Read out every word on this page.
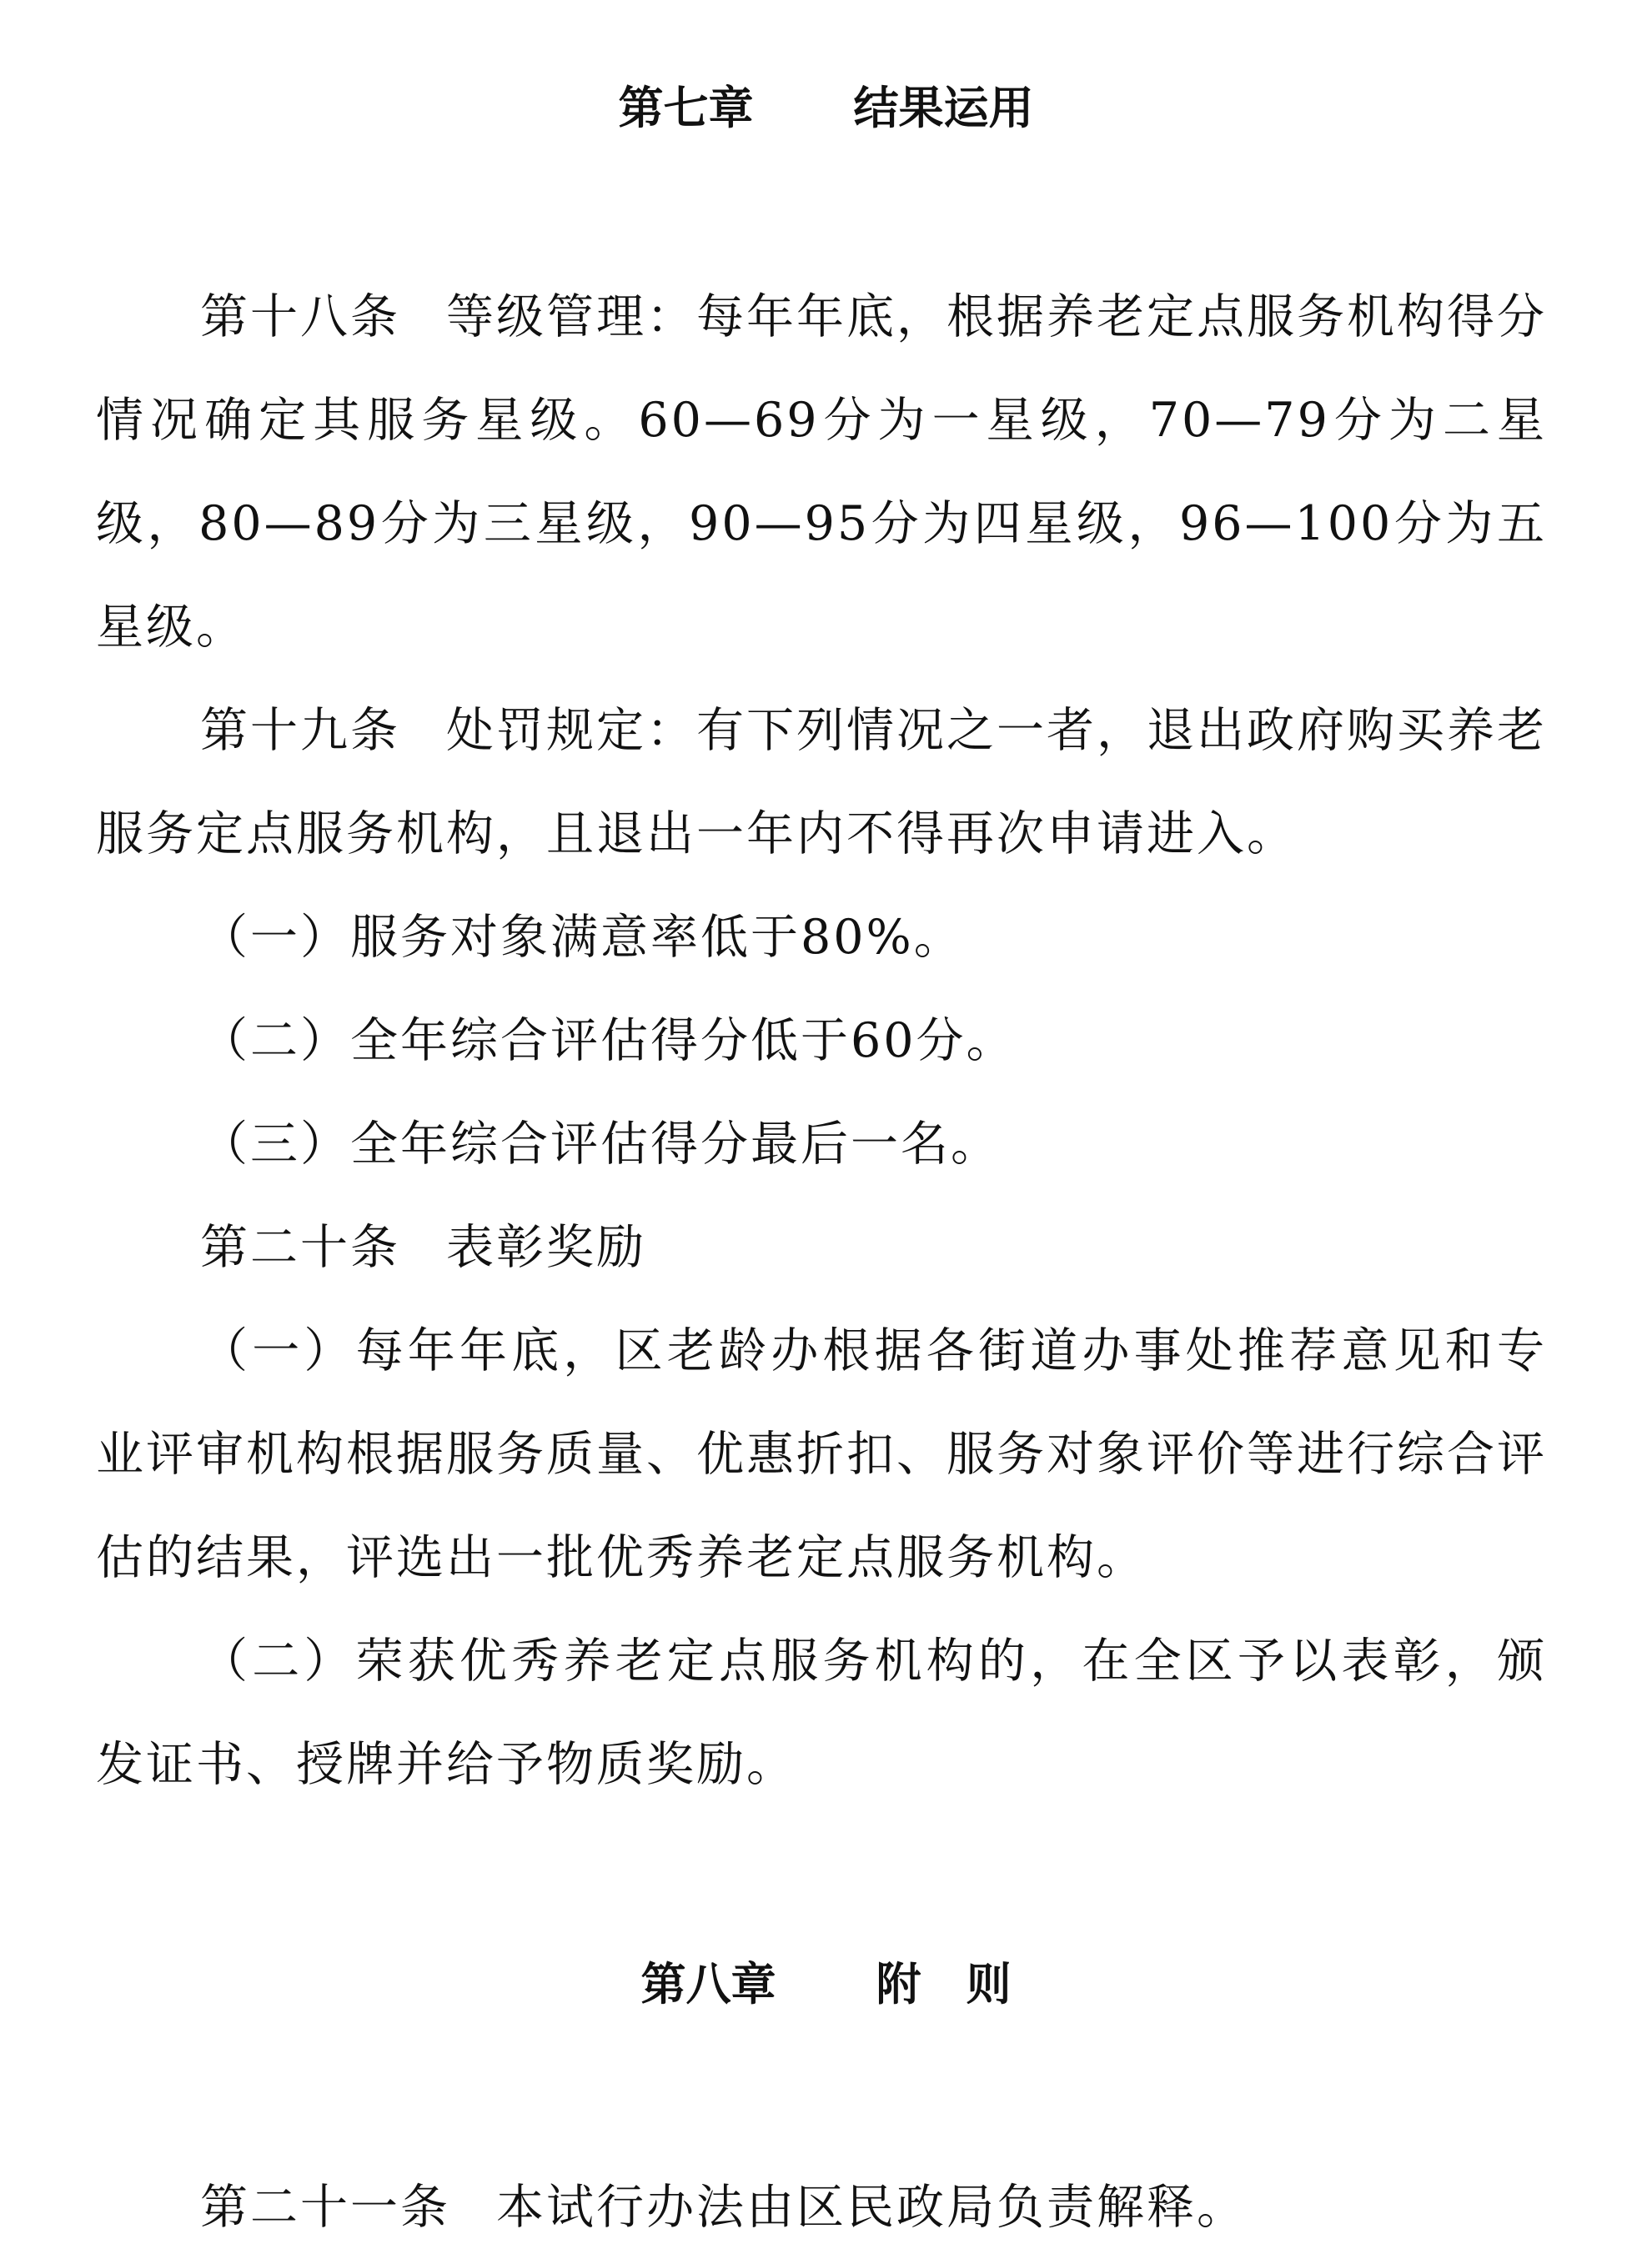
第七章 结果运用

第十八条 等级管理：每年年底，根据养老定点服务机构得分情况确定其服务星级。60—69分为一星级，70—79分为二星级，80—89分为三星级，90—95分为四星级，96—100分为五星级。

第十九条 处罚规定：有下列情况之一者，退出政府购买养老服务定点服务机构，且退出一年内不得再次申请进入。

（一）服务对象满意率低于80%。

（二）全年综合评估得分低于60分。

（三）全年综合评估得分最后一名。

第二十条 表彰奖励

（一）每年年底，区老龄办根据各街道办事处推荐意见和专业评审机构根据服务质量、优惠折扣、服务对象评价等进行综合评估的结果，评选出一批优秀养老定点服务机构。

（二）荣获优秀养老定点服务机构的，在全区予以表彰，颁发证书、授牌并给予物质奖励。

第八章 附　则

第二十一条 本试行办法由区民政局负责解释。
